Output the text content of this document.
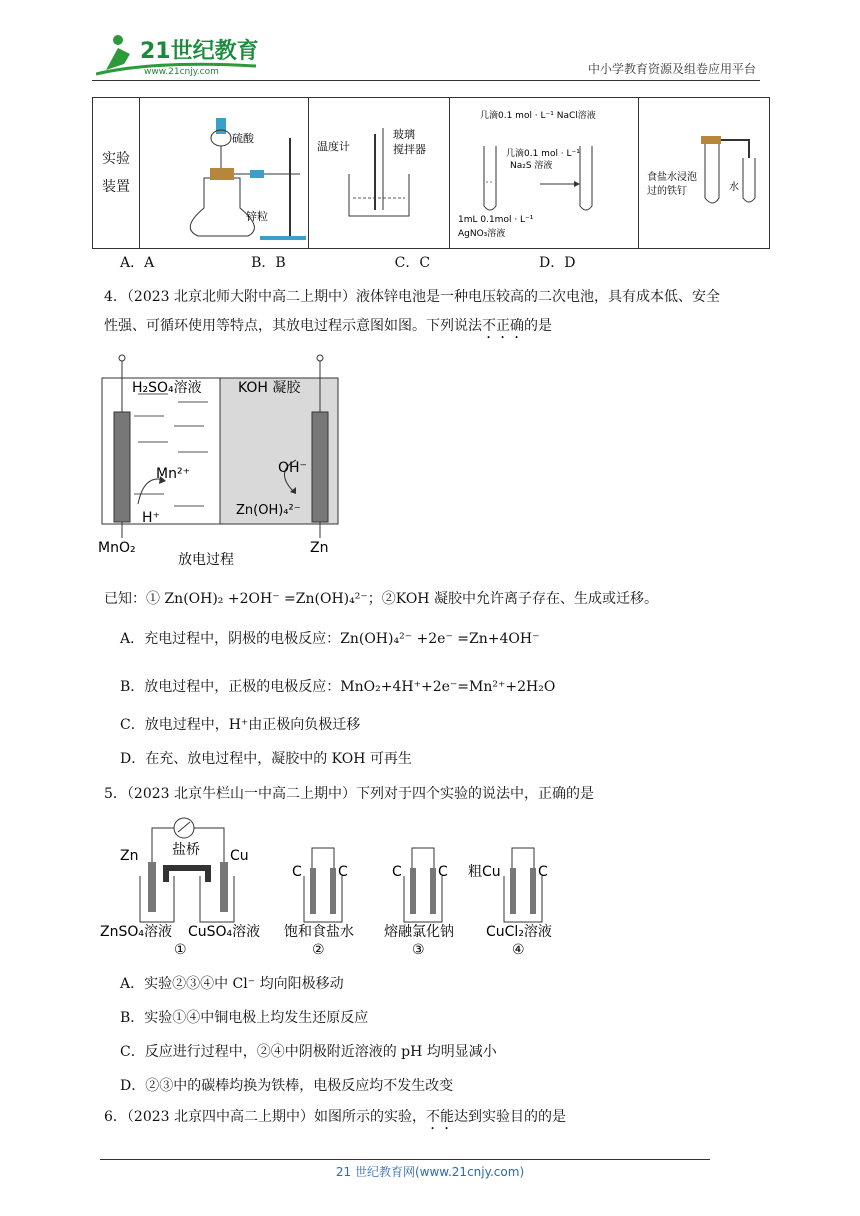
21世纪教育
www.21cnjy.com	中小学教育资源及组卷应用平台
实验
装置	
硫酸
锌粒

温度计
玻璃
搅拌器

几滴0.1 mol · L⁻¹ NaCl溶液
几滴0.1 mol · L⁻¹
Na₂S 溶液
1mL 0.1mol · L⁻¹
AgNO₃溶液

食盐水浸泡
过的铁钉	水
A．A	B．B	C．C	D．D
4．（2023 北京北师大附中高二上期中）液体锌电池是一种电压较高的二次电池，具有成本低、安全
性强、可循环使用等特点，其放电过程示意图如图。下列说法不正确的是
H₂SO₄溶液	KOH 凝胶
Mn²⁺
H⁺
OH⁻
Zn(OH)₄²⁻
MnO₂	Zn
放电过程
已知：① Zn(OH)₂ +2OH⁻ =Zn(OH)₄²⁻；②KOH 凝胶中允许离子存在、生成或迁移。
A．充电过程中，阴极的电极反应：Zn(OH)₄²⁻ +2e⁻ =Zn+4OH⁻
B．放电过程中，正极的电极反应：MnO₂+4H⁺+2e⁻=Mn²⁺+2H₂O
C．放电过程中，H⁺由正极向负极迁移
D．在充、放电过程中，凝胶中的 KOH 可再生
5．（2023 北京牛栏山一中高二上期中）下列对于四个实验的说法中，正确的是
Zn 盐桥 Cu
ZnSO₄溶液 CuSO₄溶液
①
C	C
饱和食盐水
②
C	C
熔融氯化钠
③
粗Cu	C
CuCl₂溶液
④
A．实验②③④中 Cl⁻ 均向阳极移动
B．实验①④中铜电极上均发生还原反应
C．反应进行过程中，②④中阴极附近溶液的 pH 均明显减小
D．②③中的碳棒均换为铁棒，电极反应均不发生改变
6．（2023 北京四中高二上期中）如图所示的实验，不能达到实验目的的是
21 世纪教育网(www.21cnjy.com)
